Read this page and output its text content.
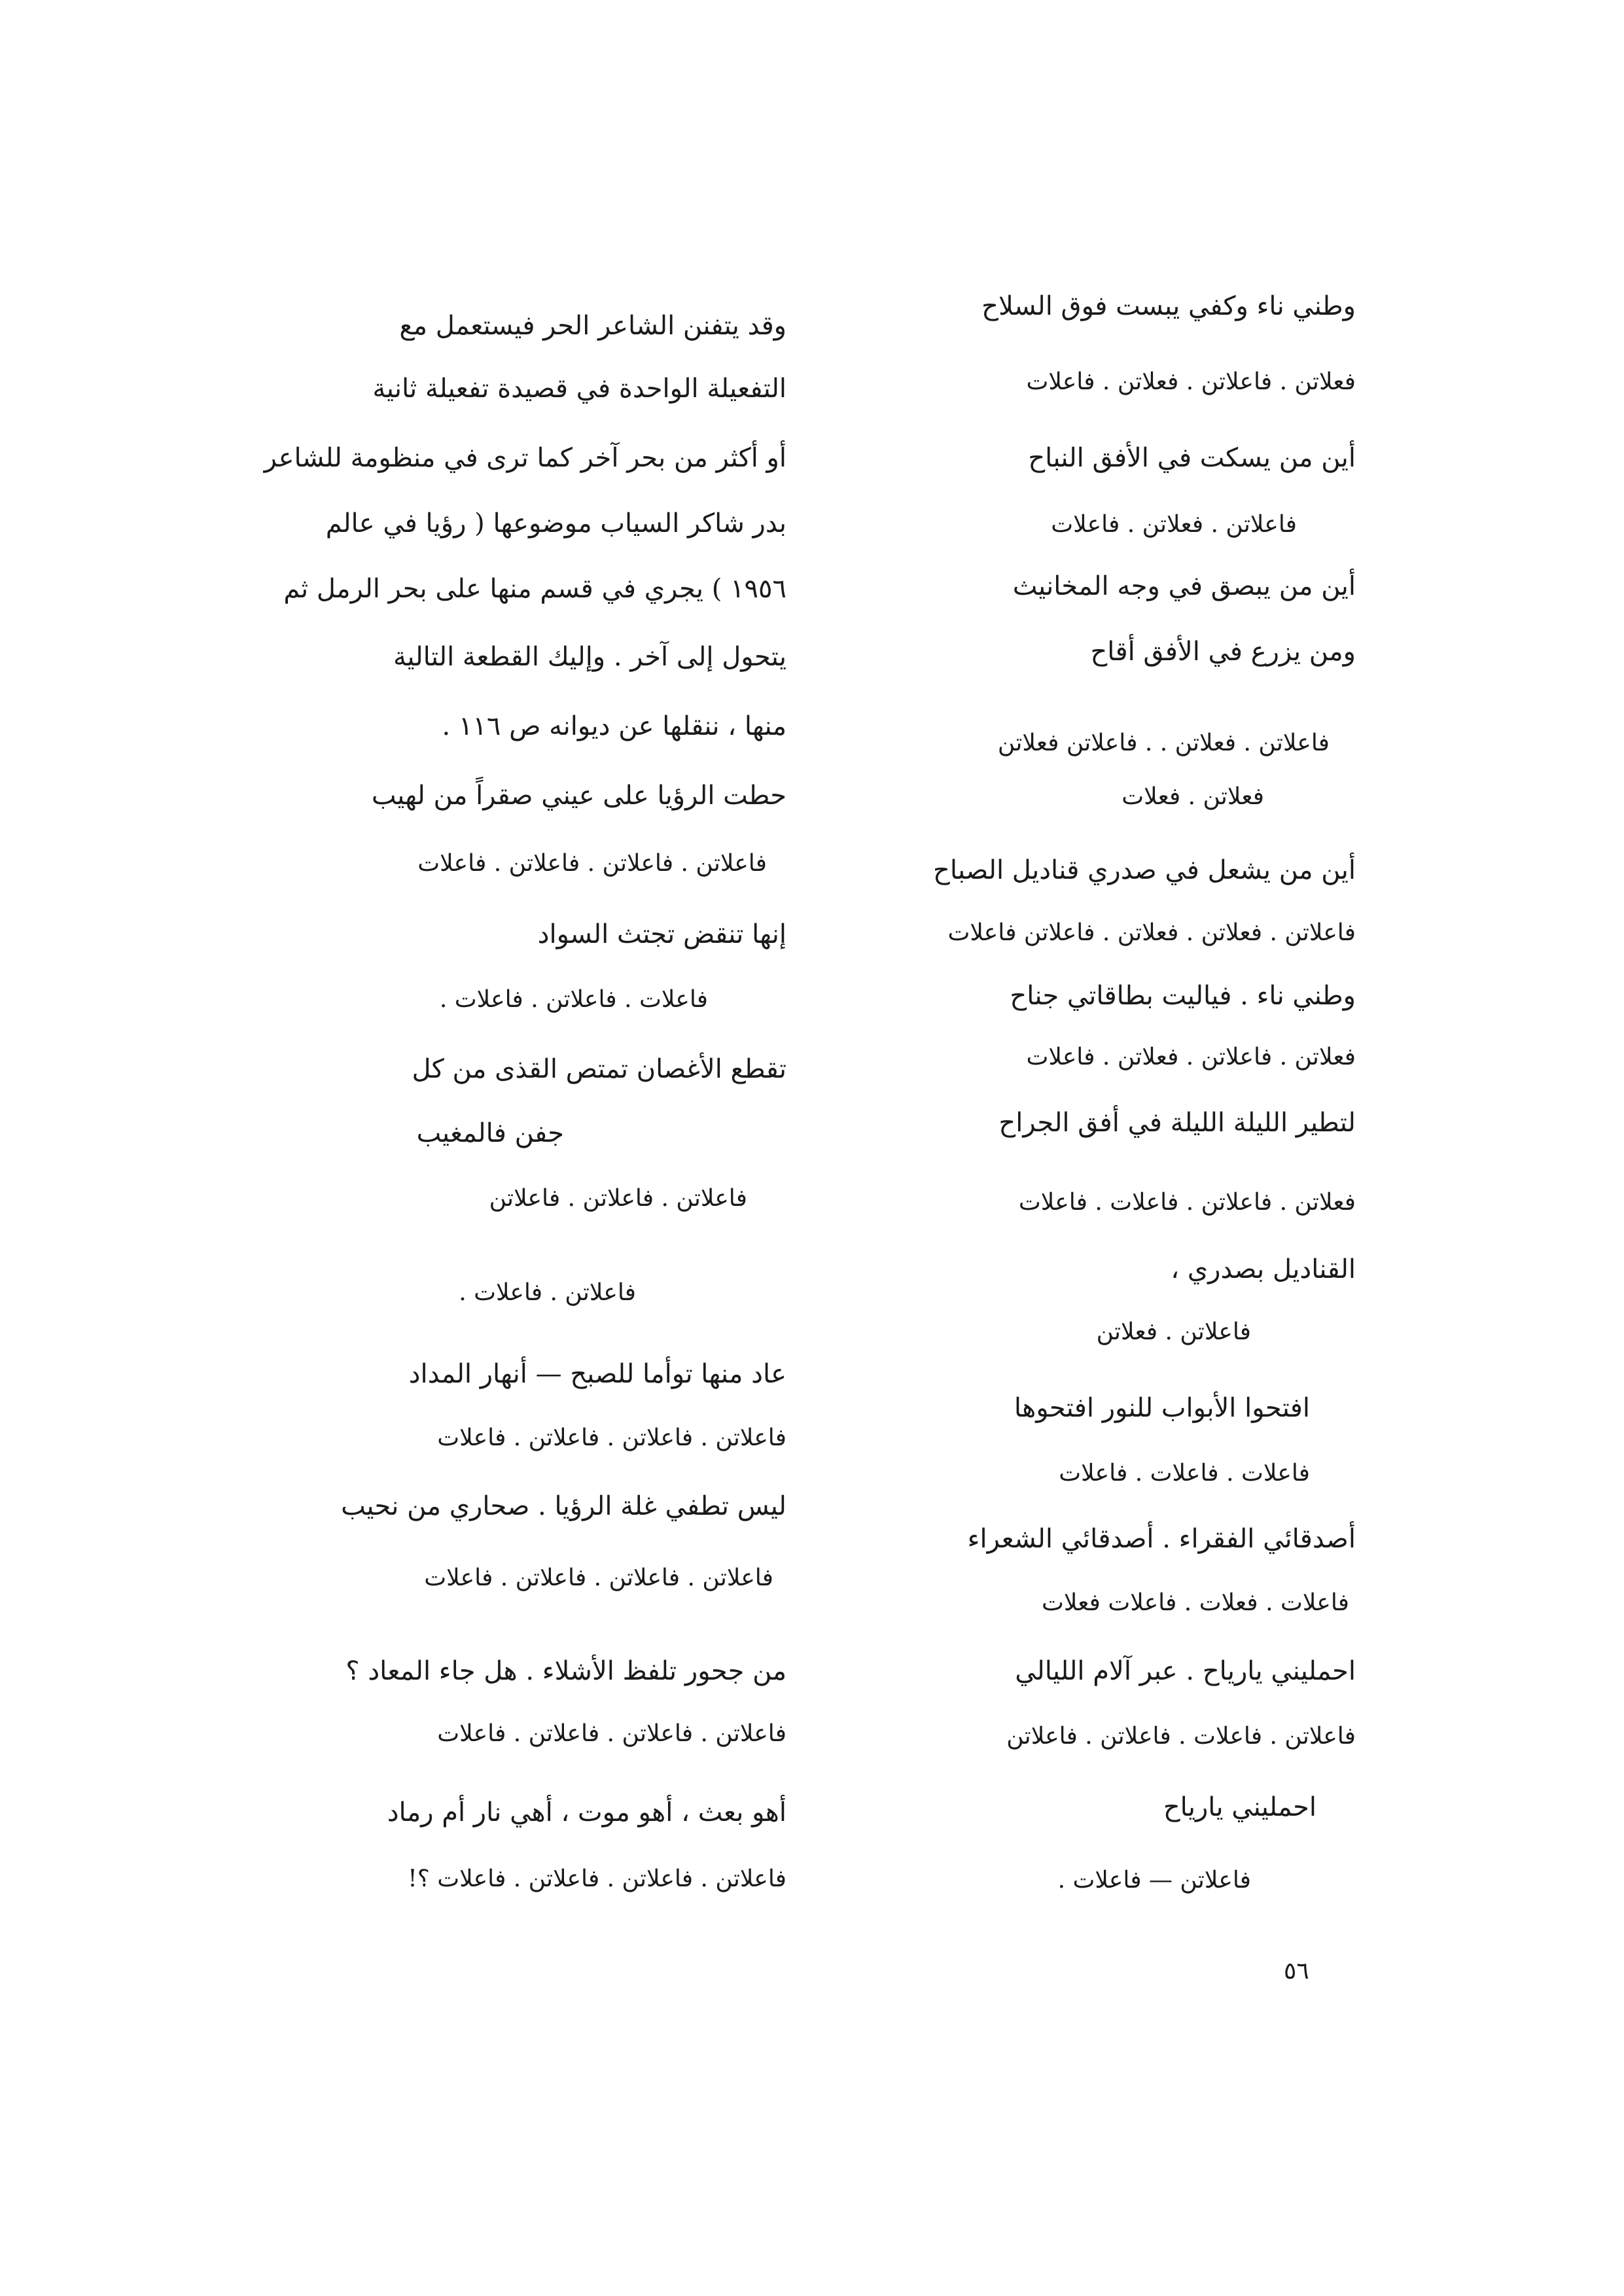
وطني ناء وكفي يبست فوق السلاح
فعلاتن . فاعلاتن . فعلاتن . فاعلات
أين من يسكت في الأفق النباح
فاعلاتن . فعلاتن . فاعلات
أين من يبصق في وجه المخانيث
ومن يزرع في الأفق أقاح
فاعلاتن . فعلاتن . . فاعلاتن فعلاتن
فعلاتن . فعلات
أين من يشعل في صدري قناديل الصباح
فاعلاتن . فعلاتن . فعلاتن . فاعلاتن فاعلات
وطني ناء . فياليت بطاقاتي جناح
فعلاتن . فاعلاتن . فعلاتن . فاعلات
لتطير الليلة الليلة في أفق الجراح
فعلاتن . فاعلاتن . فاعلات . فاعلات
القناديل بصدري ،
فاعلاتن . فعلاتن
افتحوا الأبواب للنور افتحوها
فاعلات . فاعلات . فاعلات
أصدقائي الفقراء . أصدقائي الشعراء
فاعلات . فعلات . فاعلات فعلات
احمليني يارياح . عبر آلام الليالي
فاعلاتن . فاعلات . فاعلاتن . فاعلاتن
احمليني ياریاح
فاعلاتن — فاعلات .
وقد يتفنن الشاعر الحر فيستعمل مع
التفعيلة الواحدة في قصيدة تفعيلة ثانية
أو أكثر من بحر آخر كما ترى في منظومة للشاعر
بدر شاكر السياب موضوعها ( رؤيا في عالم
١٩٥٦ ) يجري في قسم منها على بحر الرمل ثم
يتحول إلى آخر . وإليك القطعة التالية
منها ، ننقلها عن ديوانه ص ١١٦ .
حطت الرؤيا على عيني صقراً من لهيب
فاعلاتن . فاعلاتن . فاعلاتن . فاعلات
إنها تنقض تجتث السواد
فاعلات . فاعلاتن . فاعلات .
تقطع الأغصان تمتص القذى من كل
جفن فالمغيب
فاعلاتن . فاعلاتن . فاعلاتن
فاعلاتن . فاعلات .
عاد منها توأما للصبح — أنهار المداد
فاعلاتن . فاعلاتن . فاعلاتن . فاعلات
ليس تطفي غلة الرؤيا . صحاري من نحيب
فاعلاتن . فاعلاتن . فاعلاتن . فاعلات
من جحور تلفظ الأشلاء . هل جاء المعاد ؟
فاعلاتن . فاعلاتن . فاعلاتن . فاعلات
أهو بعث ، أهو موت ، أهي نار أم رماد
فاعلاتن . فاعلاتن . فاعلاتن . فاعلات ؟!
٥٦
